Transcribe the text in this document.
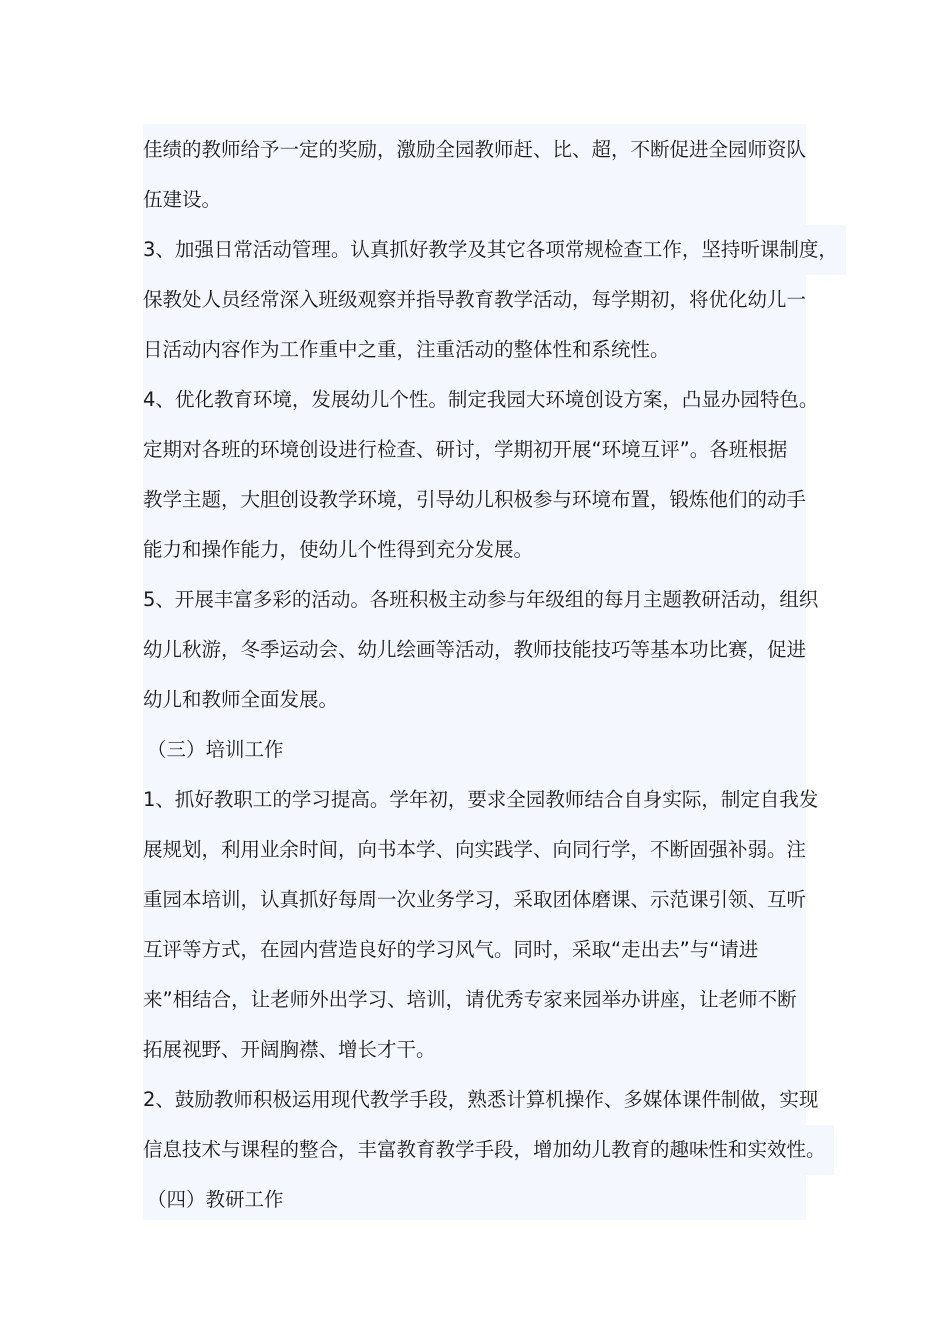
佳绩的教师给予一定的奖励，激励全园教师赶、比、超，不断促进全园师资队
伍建设。
3、加强日常活动管理。认真抓好教学及其它各项常规检查工作，坚持听课制度，
保教处人员经常深入班级观察并指导教育教学活动，每学期初，将优化幼儿一
日活动内容作为工作重中之重，注重活动的整体性和系统性。
4、优化教育环境，发展幼儿个性。制定我园大环境创设方案，凸显办园特色。
定期对各班的环境创设进行检查、研讨，学期初开展“环境互评”。各班根据
教学主题，大胆创设教学环境，引导幼儿积极参与环境布置，锻炼他们的动手
能力和操作能力，使幼儿个性得到充分发展。
5、开展丰富多彩的活动。各班积极主动参与年级组的每月主题教研活动，组织
幼儿秋游，冬季运动会、幼儿绘画等活动，教师技能技巧等基本功比赛，促进
幼儿和教师全面发展。
（三）培训工作
1、抓好教职工的学习提高。学年初，要求全园教师结合自身实际，制定自我发
展规划，利用业余时间，向书本学、向实践学、向同行学，不断固强补弱。注
重园本培训，认真抓好每周一次业务学习，采取团体磨课、示范课引领、互听
互评等方式，在园内营造良好的学习风气。同时，采取“走出去”与“请进
来”相结合，让老师外出学习、培训，请优秀专家来园举办讲座，让老师不断
拓展视野、开阔胸襟、增长才干。
2、鼓励教师积极运用现代教学手段，熟悉计算机操作、多媒体课件制做，实现
信息技术与课程的整合，丰富教育教学手段，增加幼儿教育的趣味性和实效性。
（四）教研工作
